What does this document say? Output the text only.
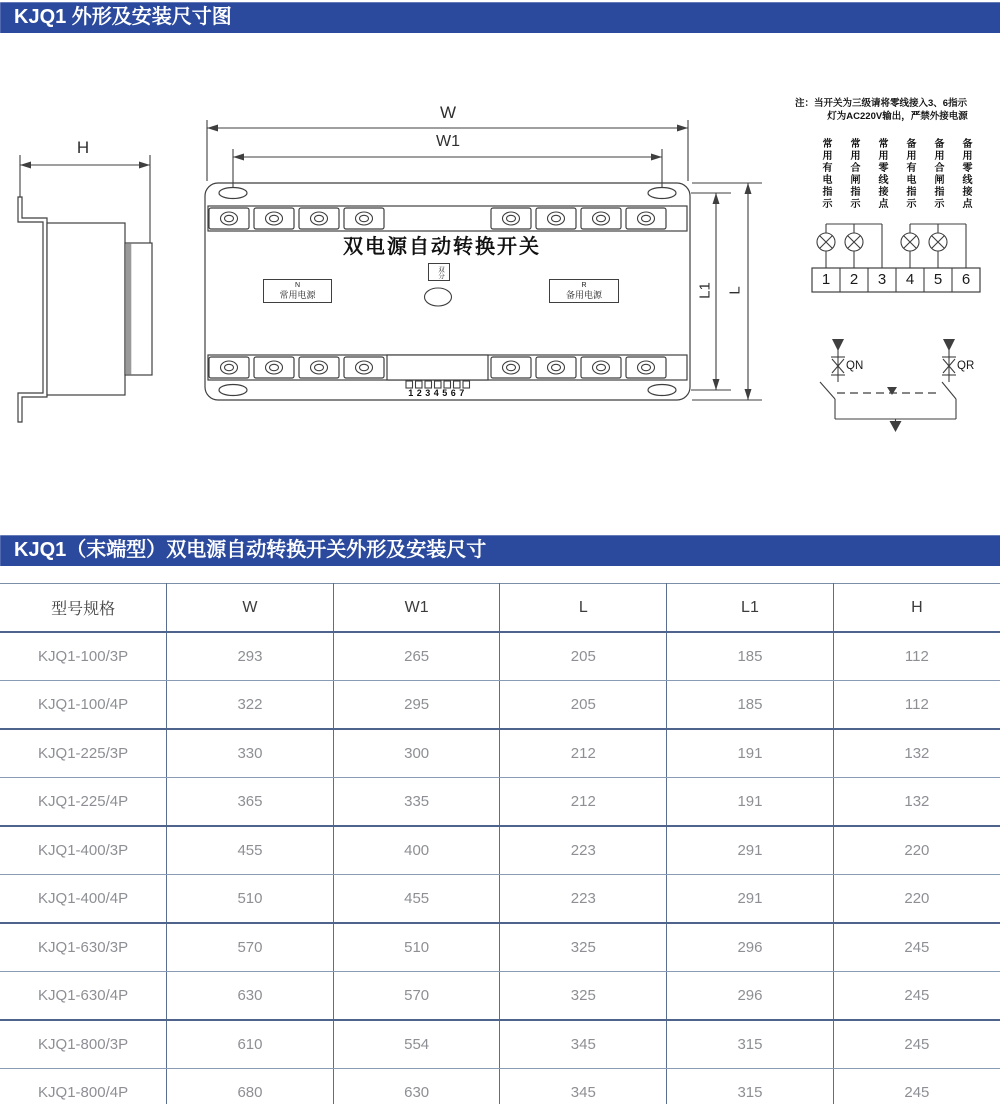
KJQ1 外形及安装尺寸图
H
W
W1
L1 L
双电源自动转换开关
N
常用电源
R
备用电源
双分
1234567
注：当开关为三级请将零线接入3、6指示
灯为AC220V输出，严禁外接电源
常用有电指示 常用合闸指示 常用零线接点 备用有电指示 备用合闸指示 备用零线接点
1	2	3	4	5	6
QN	QR
KJQ1（末端型）双电源自动转换开关外形及安装尺寸
型号规格	W	W1	L	L1	H
KJQ1-100/3P	293	265	205	185	112
KJQ1-100/4P	322	295	205	185	112
KJQ1-225/3P	330	300	212	191	132
KJQ1-225/4P	365	335	212	191	132
KJQ1-400/3P	455	400	223	291	220
KJQ1-400/4P	510	455	223	291	220
KJQ1-630/3P	570	510	325	296	245
KJQ1-630/4P	630	570	325	296	245
KJQ1-800/3P	610	554	345	315	245
KJQ1-800/4P	680	630	345	315	245
